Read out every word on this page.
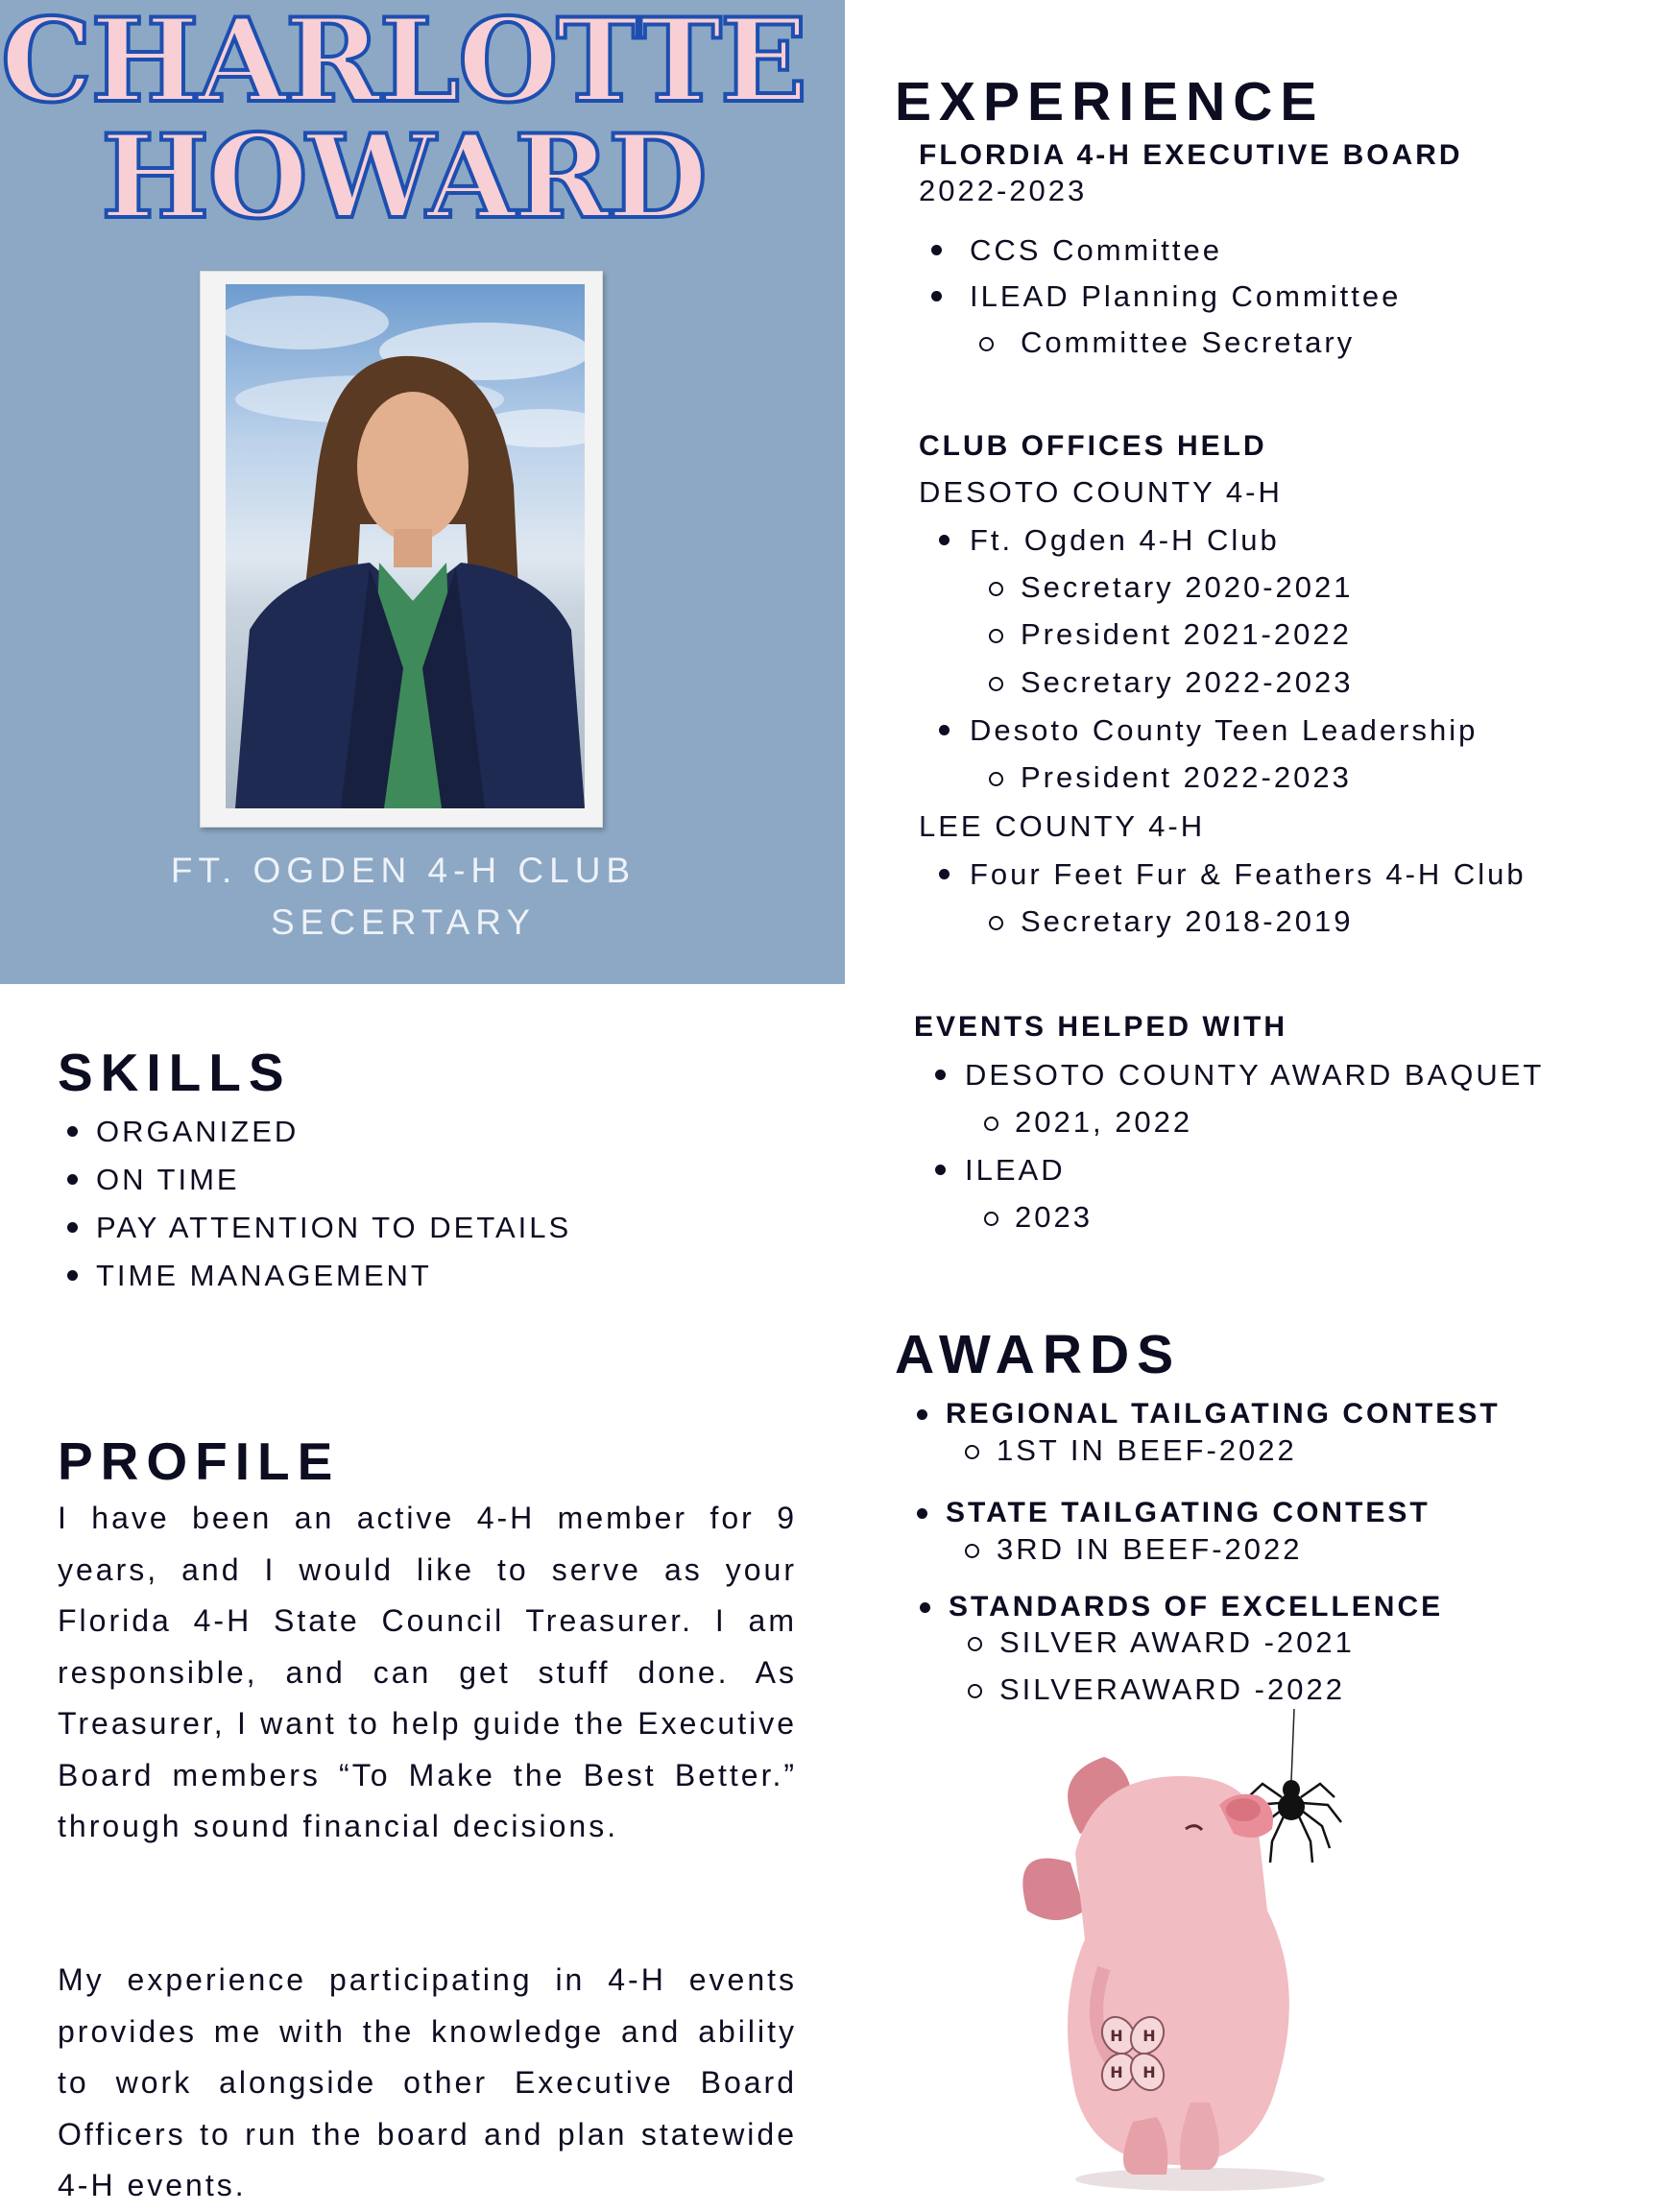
CHARLOTTE
HOWARD
FT. OGDEN 4-H CLUB
SECERTARY
SKILLS
ORGANIZED
ON TIME
PAY ATTENTION TO DETAILS
TIME MANAGEMENT
PROFILE

I have been an active 4-H member for 9 years, and I would like to serve as your Florida 4-H State Council Treasurer. I am responsible, and can get stuff done. As Treasurer, I want to help guide the Executive Board members “To Make the Best Better.” through sound financial decisions.

My experience participating in 4-H events provides me with the knowledge and ability to work alongside other Executive Board Officers to run the board and plan statewide 4-H events.

EXPERIENCE
FLORDIA 4-H EXECUTIVE BOARD
2022-2023
CCS Committee
ILEAD Planning Committee
Committee Secretary
CLUB OFFICES HELD
DESOTO COUNTY 4-H
Ft. Ogden 4-H Club
Secretary 2020-2021
President 2021-2022
Secretary 2022-2023
Desoto County Teen Leadership
President 2022-2023
LEE COUNTY 4-H
Four Feet Fur & Feathers 4-H Club
Secretary 2018-2019
EVENTS HELPED WITH
DESOTO COUNTY AWARD BAQUET
2021, 2022
ILEAD
2023
AWARDS
REGIONAL TAILGATING CONTEST
1ST IN BEEF-2022
STATE TAILGATING CONTEST
3RD IN BEEF-2022
STANDARDS OF EXCELLENCE
SILVER AWARD -2021
SILVERAWARD -2022
H H
H H
